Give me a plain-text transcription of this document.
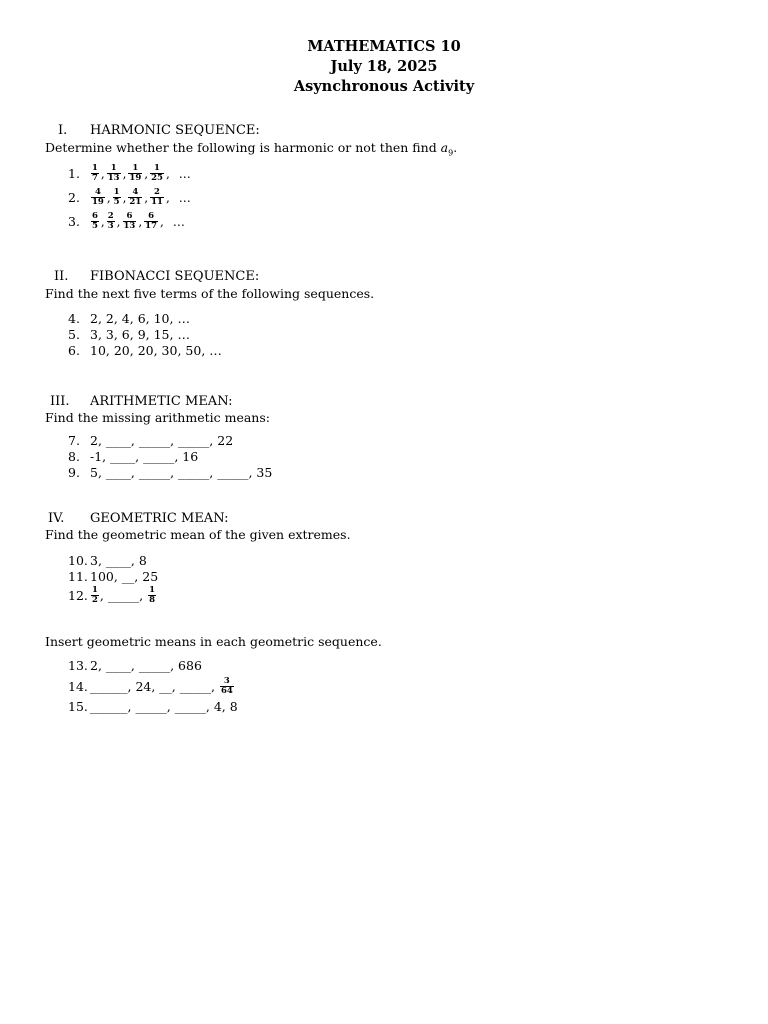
MATHEMATICS 10
July 18, 2025
Asynchronous Activity
I. HARMONIC SEQUENCE:
Determine whether the following is harmonic or not then find $a_9$.
1.	$\frac{1}{7}$ , $\frac{1}{13}$ , $\frac{1}{19}$ , $\frac{1}{25}$ , …
2.	$\frac{4}{19}$ , $\frac{1}{5}$ , $\frac{4}{21}$ , $\frac{2}{11}$ , …
3.	$\frac{6}{5}$ , $\frac{2}{3}$ , $\frac{6}{13}$ , $\frac{6}{17}$ , …
II. FIBONACCI SEQUENCE:
Find the next five terms of the following sequences.
4. 2, 2, 4, 6, 10, …
5. 3, 3, 6, 9, 15, …
6. 10, 20, 20, 30, 50, …
III. ARITHMETIC MEAN:
Find the missing arithmetic means:
7. 2, ____, _____, _____, 22
8. -1, ____, _____, 16
9. 5, ____, _____, _____, _____, 35
IV. GEOMETRIC MEAN:
Find the geometric mean of the given extremes.
10. 3, ____, 8
11. 100, __, 25
12. $\frac{1}{2}$ , _____, $\frac{1}{8}$
Insert geometric means in each geometric sequence.
13. 2, ____, _____, 686
14. ______, 24, __, _____, $\frac{3}{64}$
15. ______, _____, _____, 4, 8
